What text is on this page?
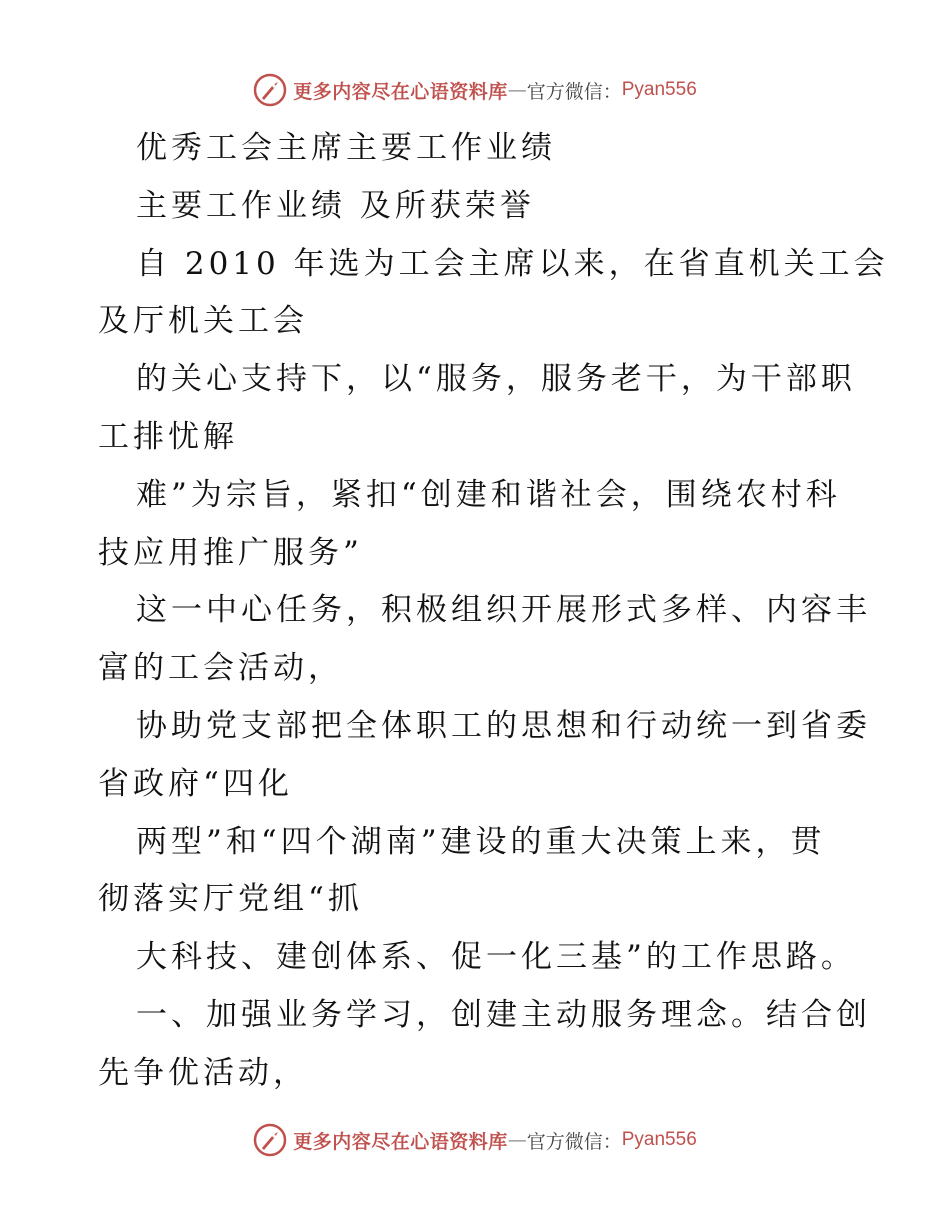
更多内容尽在心语资料库 — 官方微信： Pyan556
优秀工会主席主要工作业绩
主要工作业绩 及所获荣誉
自 2010 年选为工会主席以来，在省直机关工会
及厅机关工会
的关心支持下，以“服务，服务老干，为干部职
工排忧解
难”为宗旨，紧扣“创建和谐社会，围绕农村科
技应用推广服务”
这一中心任务，积极组织开展形式多样、内容丰
富的工会活动，
协助党支部把全体职工的思想和行动统一到省委
省政府“四化
两型”和“四个湖南”建设的重大决策上来，贯
彻落实厅党组“抓
大科技、建创体系、促一化三基”的工作思路。
一、加强业务学习，创建主动服务理念。结合创
先争优活动，
更多内容尽在心语资料库 — 官方微信： Pyan556
